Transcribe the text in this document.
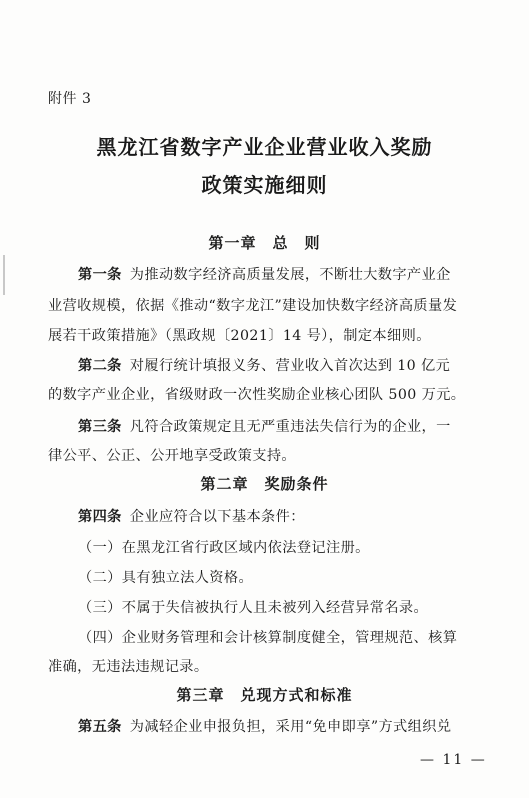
附件 3
黑龙江省数字产业企业营业收入奖励
政策实施细则
第一章　总　则
第一条 为推动数字经济高质量发展，不断壮大数字产业企
业营收规模，依据《推动“数字龙江”建设加快数字经济高质量发
展若干政策措施》（黑政规〔2021〕14 号），制定本细则。
第二条 对履行统计填报义务、营业收入首次达到 10 亿元
的数字产业企业，省级财政一次性奖励企业核心团队 500 万元。
第三条 凡符合政策规定且无严重违法失信行为的企业，一
律公平、公正、公开地享受政策支持。
第二章　奖励条件
第四条 企业应符合以下基本条件：
（一）在黑龙江省行政区域内依法登记注册。
（二）具有独立法人资格。
（三）不属于失信被执行人且未被列入经营异常名录。
（四）企业财务管理和会计核算制度健全，管理规范、核算
准确，无违法违规记录。
第三章　兑现方式和标准
第五条 为减轻企业申报负担，采用“免申即享”方式组织兑
— 11 —
